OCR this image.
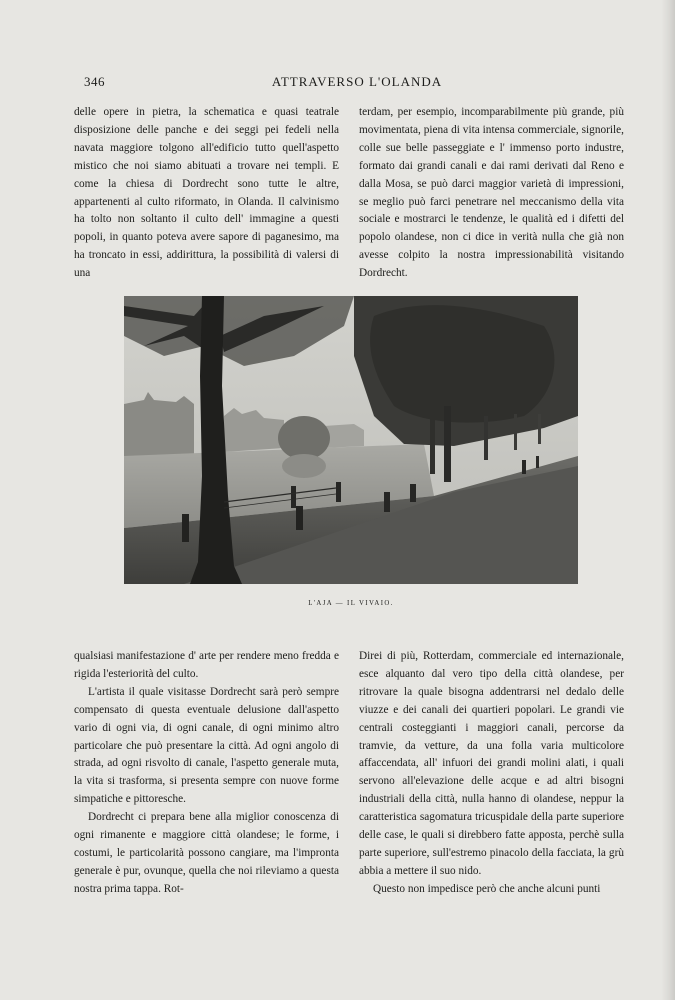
346	ATTRAVERSO L'OLANDA

delle opere in pietra, la schematica e quasi teatrale disposizione delle panche e dei seggi pei fedeli nella navata maggiore tolgono all'edificio tutto quell'aspetto mistico che noi siamo abituati a trovare nei templi. E come la chiesa di Dordrecht sono tutte le altre, appartenenti al culto riformato, in Olanda. Il calvinismo ha tolto non soltanto il culto dell' immagine a questi popoli, in quanto poteva avere sapore di paganesimo, ma ha troncato in essi, addirittura, la possibilità di valersi di una

terdam, per esempio, incomparabilmente più grande, più movimentata, piena di vita intensa commerciale, signorile, colle sue belle passeggiate e l' immenso porto industre, formato dai grandi canali e dai rami derivati dal Reno e dalla Mosa, se può darci maggior varietà di impressioni, se meglio può farci penetrare nel meccanismo della vita sociale e mostrarci le tendenze, le qualità ed i difetti del popolo olandese, non ci dice in verità nulla che già non avesse colpito la nostra impressionabilità visitando Dordrecht.

L'AJA — IL VIVAIO.

qualsiasi manifestazione d' arte per rendere meno fredda e rigida l'esteriorità del culto.

L'artista il quale visitasse Dordrecht sarà però sempre compensato di questa eventuale delusione dall'aspetto vario di ogni via, di ogni canale, di ogni minimo altro particolare che può presentare la città. Ad ogni angolo di strada, ad ogni risvolto di canale, l'aspetto generale muta, la vita si trasforma, si presenta sempre con nuove forme simpatiche e pittoresche.

Dordrecht ci prepara bene alla miglior conoscenza di ogni rimanente e maggiore città olandese; le forme, i costumi, le particolarità possono cangiare, ma l'impronta generale è pur, ovunque, quella che noi rileviamo a questa nostra prima tappa. Rot-

Direi di più, Rotterdam, commerciale ed internazionale, esce alquanto dal vero tipo della città olandese, per ritrovare la quale bisogna addentrarsi nel dedalo delle viuzze e dei canali dei quartieri popolari. Le grandi vie centrali costeggianti i maggiori canali, percorse da tramvie, da vetture, da una folla varia multicolore affaccendata, all' infuori dei grandi molini alati, i quali servono all'elevazione delle acque e ad altri bisogni industriali della città, nulla hanno di olandese, neppur la caratteristica sagomatura tricuspidale della parte superiore delle case, le quali si direbbero fatte apposta, perchè sulla parte superiore, sull'estremo pinacolo della facciata, la grù abbia a mettere il suo nido.

Questo non impedisce però che anche alcuni punti
